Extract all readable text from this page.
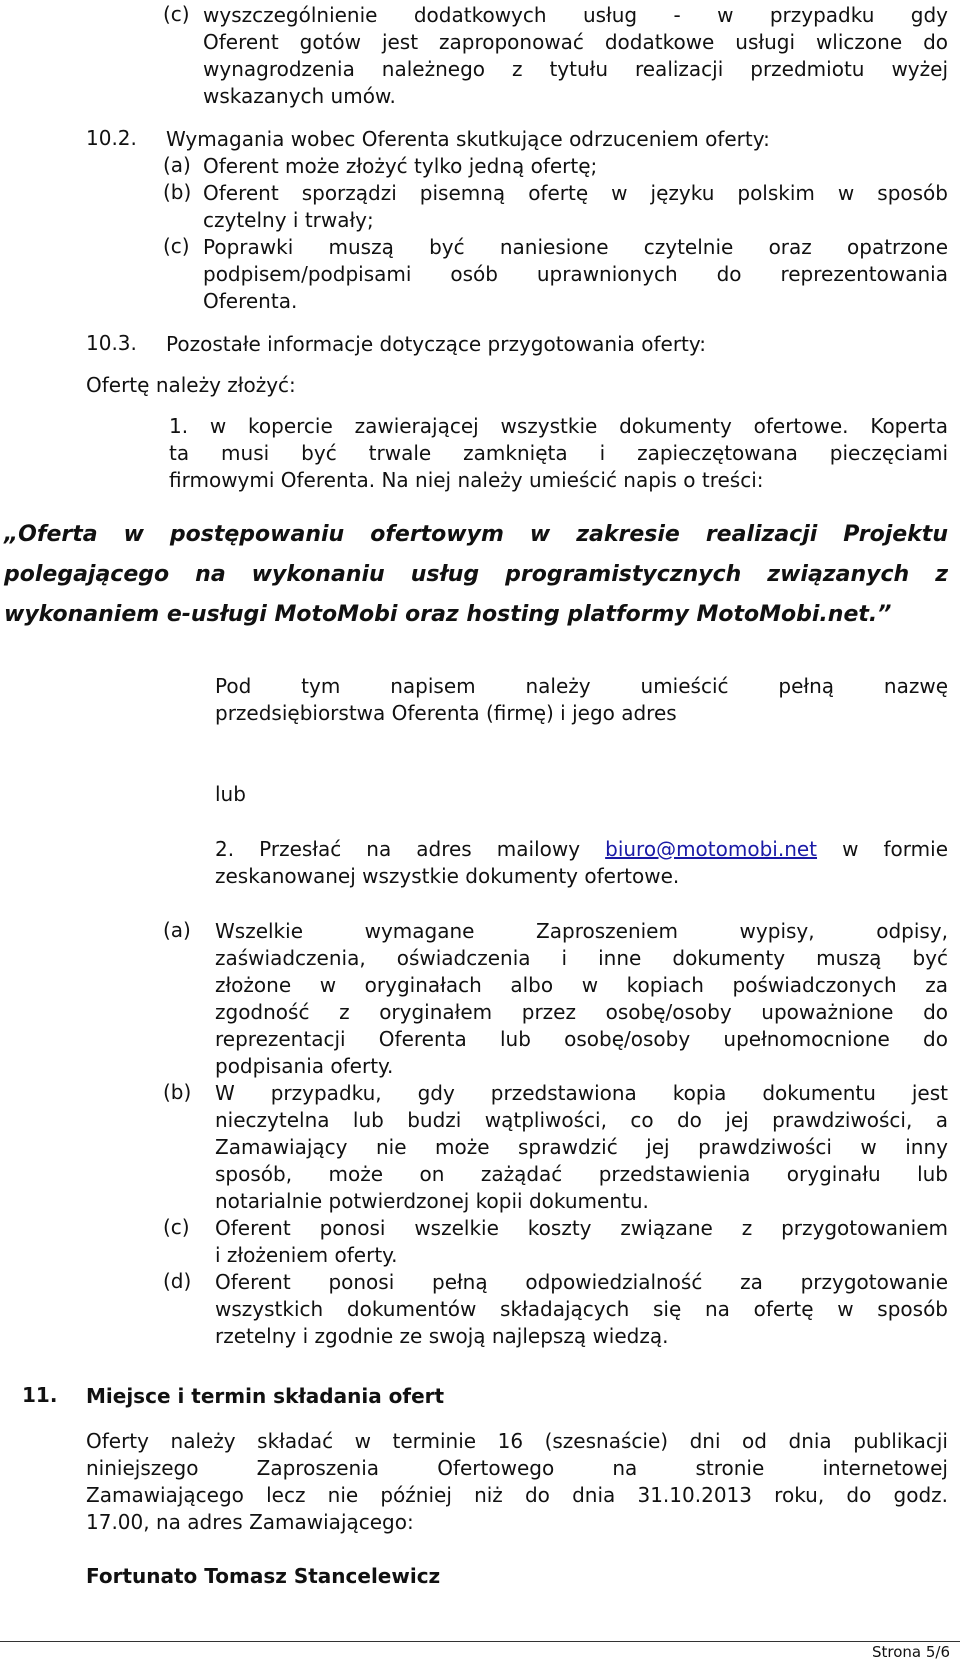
(c) wyszczególnienie dodatkowych usług - w przypadku gdy
Oferent gotów jest zaproponować dodatkowe usługi wliczone do
wynagrodzenia należnego z tytułu realizacji przedmiotu wyżej
wskazanych umów.
10.2. Wymagania wobec Oferenta skutkujące odrzuceniem oferty:
(a) Oferent może złożyć tylko jedną ofertę;
(b) Oferent sporządzi pisemną ofertę w języku polskim w sposób
czytelny i trwały;
(c) Poprawki muszą być naniesione czytelnie oraz opatrzone
podpisem/podpisami osób uprawnionych do reprezentowania
Oferenta.
10.3. Pozostałe informacje dotyczące przygotowania oferty:
Ofertę należy złożyć:
1. w kopercie zawierającej wszystkie dokumenty ofertowe. Koperta
ta musi być trwale zamknięta i zapieczętowana pieczęciami
firmowymi Oferenta. Na niej należy umieścić napis o treści:
„Oferta w postępowaniu ofertowym w zakresie realizacji Projektu
polegającego na wykonaniu usług programistycznych związanych z
wykonaniem e-usługi MotoMobi oraz hosting platformy MotoMobi.net.”
Pod tym napisem należy umieścić pełną nazwę
przedsiębiorstwa Oferenta (firmę) i jego adres
lub
2. Przesłać na adres mailowy biuro@motomobi.net w formie
zeskanowanej wszystkie dokumenty ofertowe.
(a) Wszelkie wymagane Zaproszeniem wypisy, odpisy,
zaświadczenia, oświadczenia i inne dokumenty muszą być
złożone w oryginałach albo w kopiach poświadczonych za
zgodność z oryginałem przez osobę/osoby upoważnione do
reprezentacji Oferenta lub osobę/osoby upełnomocnione do
podpisania oferty.
(b) W przypadku, gdy przedstawiona kopia dokumentu jest
nieczytelna lub budzi wątpliwości, co do jej prawdziwości, a
Zamawiający nie może sprawdzić jej prawdziwości w inny
sposób, może on zażądać przedstawienia oryginału lub
notarialnie potwierdzonej kopii dokumentu.
(c) Oferent ponosi wszelkie koszty związane z przygotowaniem
i złożeniem oferty.
(d) Oferent ponosi pełną odpowiedzialność za przygotowanie
wszystkich dokumentów składających się na ofertę w sposób
rzetelny i zgodnie ze swoją najlepszą wiedzą.
11. Miejsce i termin składania ofert
Oferty należy składać w terminie 16 (szesnaście) dni od dnia publikacji
niniejszego Zaproszenia Ofertowego na stronie internetowej
Zamawiającego lecz nie później niż do dnia 31.10.2013 roku, do godz.
17.00, na adres Zamawiającego:
Fortunato Tomasz Stancelewicz
Strona 5/6
